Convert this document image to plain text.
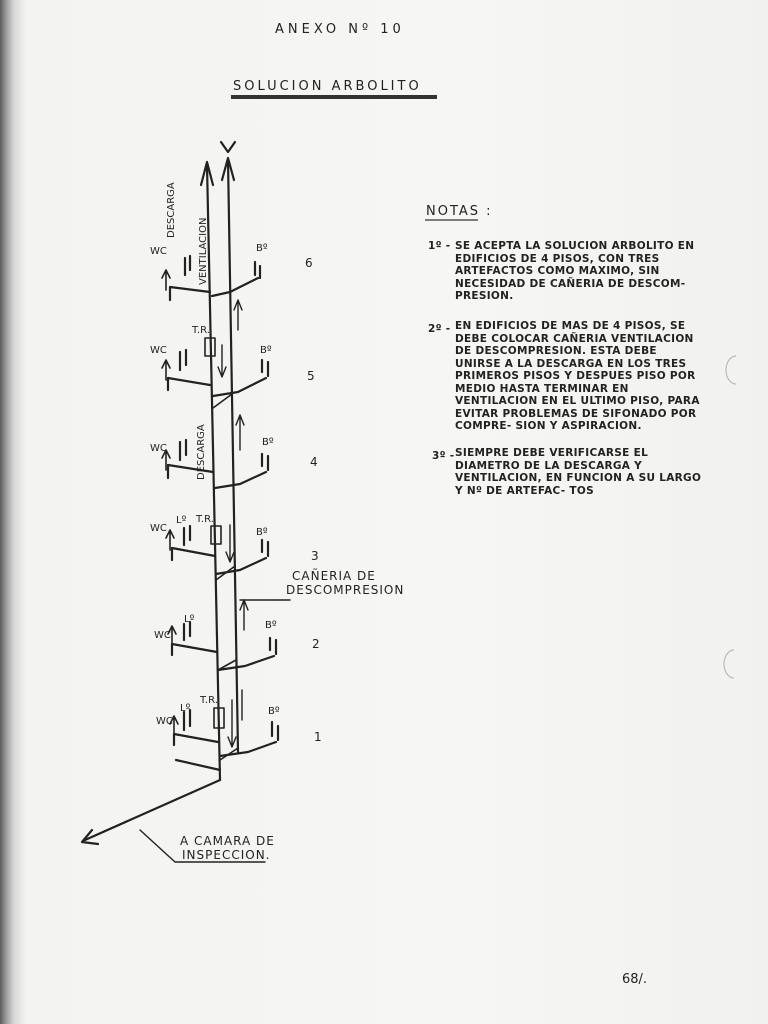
ANEXO Nº 10
SOLUCION ARBOLITO
DESCARGA
VENTILACION
DESCARGA
WC
WC
WC
WC
WC
WC
Lº
Lº
Lº
Bº
Bº
Bº
Bº
Bº
Bº
T.R.
T.R.
T.R.
6
5
4
3
2
1
CAÑERIA DE
DESCOMPRESION
A CAMARA DE
INSPECCION.
NOTAS :
1º - SE ACEPTA LA SOLUCION ARBOLITO EN EDIFICIOS DE 4 PISOS, CON TRES ARTEFACTOS COMO MAXIMO, SIN NECESIDAD DE CAÑERIA DE DESCOM- PRESION.
2º - EN EDIFICIOS DE MAS DE 4 PISOS, SE DEBE COLOCAR CAÑERIA VENTILACION DE DESCOMPRESION. ESTA DEBE UNIRSE A LA DESCARGA EN LOS TRES PRIMEROS PISOS Y DESPUES PISO POR MEDIO HASTA TERMINAR EN VENTILACION EN EL ULTIMO PISO, PARA EVITAR PROBLEMAS DE SIFONADO POR COMPRE- SION Y ASPIRACION.
3º - SIEMPRE DEBE VERIFICARSE EL DIAMETRO DE LA DESCARGA Y VENTILACION, EN FUNCION A SU LARGO Y Nº DE ARTEFAC- TOS
68/.
